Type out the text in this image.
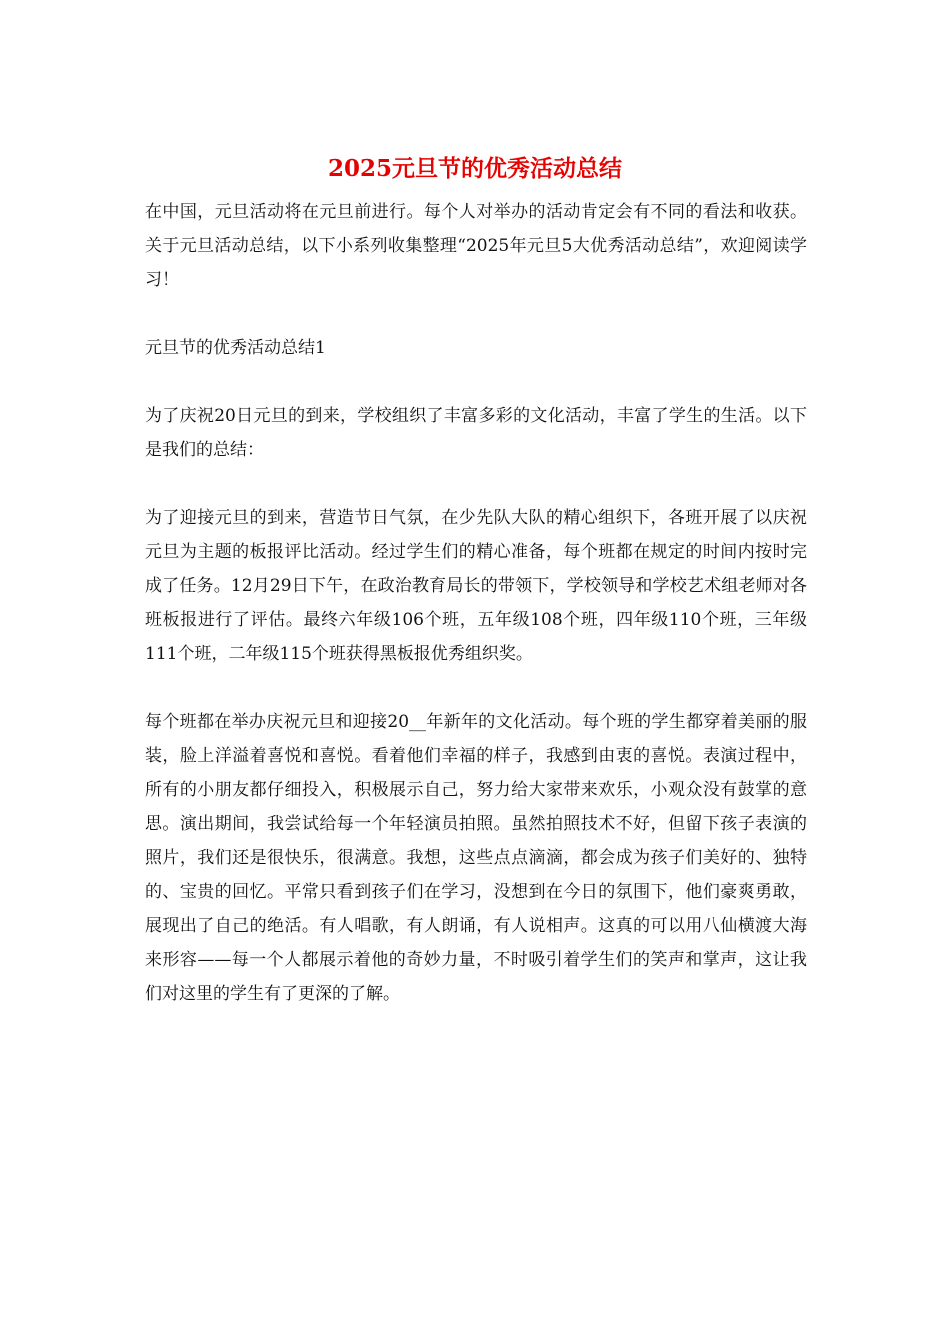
2025元旦节的优秀活动总结

在中国，元旦活动将在元旦前进行。每个人对举办的活动肯定会有不同的看法和收获。关于元旦活动总结，以下小系列收集整理“2025年元旦5大优秀活动总结”，欢迎阅读学习！

元旦节的优秀活动总结1

为了庆祝20日元旦的到来，学校组织了丰富多彩的文化活动，丰富了学生的生活。以下是我们的总结：

为了迎接元旦的到来，营造节日气氛，在少先队大队的精心组织下，各班开展了以庆祝元旦为主题的板报评比活动。经过学生们的精心准备，每个班都在规定的时间内按时完成了任务。12月29日下午，在政治教育局长的带领下，学校领导和学校艺术组老师对各班板报进行了评估。最终六年级106个班，五年级108个班，四年级110个班，三年级111个班，二年级115个班获得黑板报优秀组织奖。

每个班都在举办庆祝元旦和迎接20__年新年的文化活动。每个班的学生都穿着美丽的服装，脸上洋溢着喜悦和喜悦。看着他们幸福的样子，我感到由衷的喜悦。表演过程中，所有的小朋友都仔细投入，积极展示自己，努力给大家带来欢乐，小观众没有鼓掌的意思。演出期间，我尝试给每一个年轻演员拍照。虽然拍照技术不好，但留下孩子表演的照片，我们还是很快乐，很满意。我想，这些点点滴滴，都会成为孩子们美好的、独特的、宝贵的回忆。平常只看到孩子们在学习，没想到在今日的氛围下，他们豪爽勇敢，展现出了自己的绝活。有人唱歌，有人朗诵，有人说相声。这真的可以用八仙横渡大海来形容——每一个人都展示着他的奇妙力量，不时吸引着学生们的笑声和掌声，这让我们对这里的学生有了更深的了解。
